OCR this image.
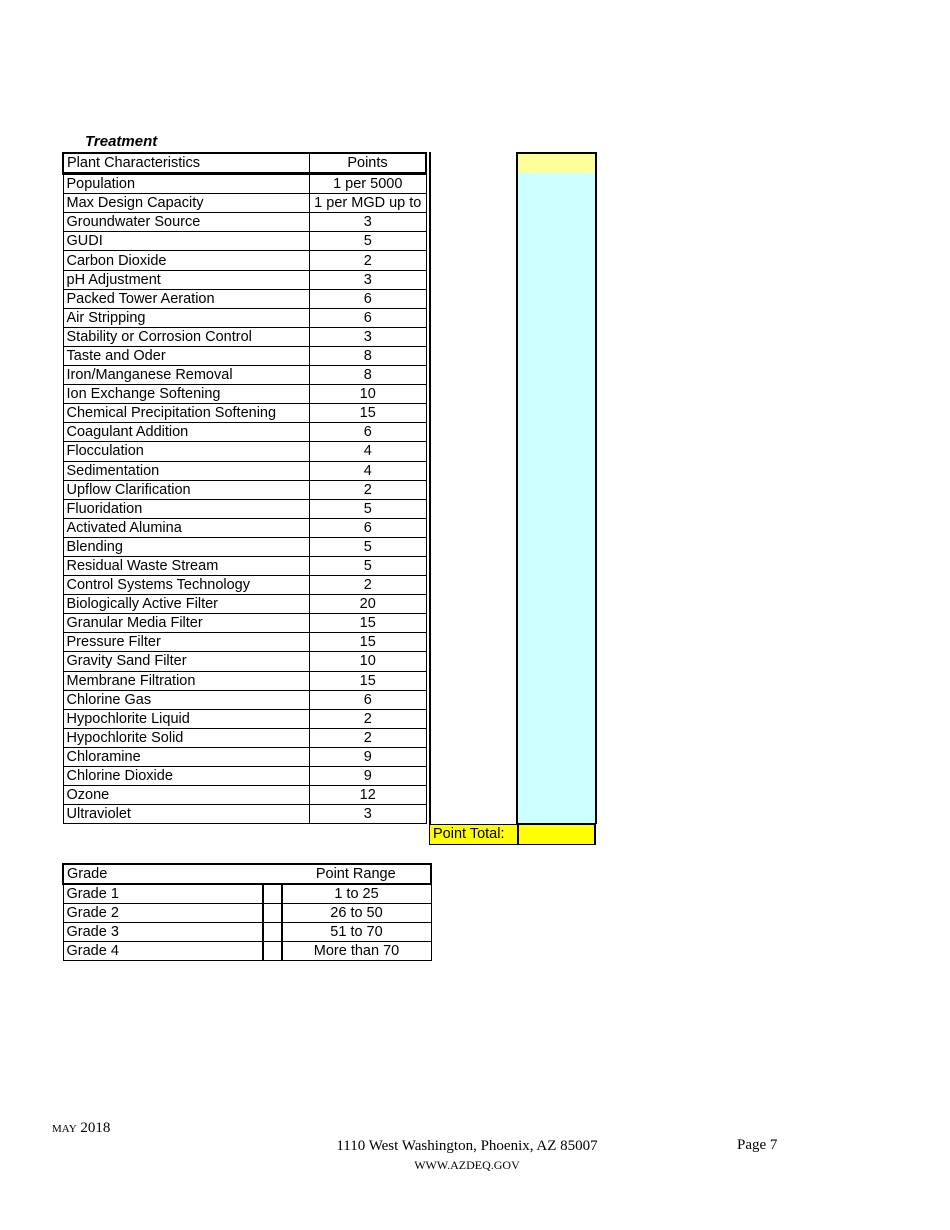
Treatment
Plant Characteristics	Points
Population	1 per 5000
Max Design Capacity	1 per MGD up to
Groundwater Source	3
GUDI	5
Carbon Dioxide	2
pH Adjustment	3
Packed Tower Aeration	6
Air Stripping	6
Stability or Corrosion Control	3
Taste and Oder	8
Iron/Manganese Removal	8
Ion Exchange Softening	10
Chemical Precipitation Softening	15
Coagulant Addition	6
Flocculation	4
Sedimentation	4
Upflow Clarification	2
Fluoridation	5
Activated Alumina	6
Blending	5
Residual Waste Stream	5
Control Systems Technology	2
Biologically Active Filter	20
Granular Media Filter	15
Pressure Filter	15
Gravity Sand Filter	10
Membrane Filtration	15
Chlorine Gas	6
Hypochlorite Liquid	2
Hypochlorite Solid	2
Chloramine	9
Chlorine Dioxide	9
Ozone	12
Ultraviolet	3
Point Total:
Grade		Point Range
Grade 1		1 to 25
Grade 2		26 to 50
Grade 3		51 to 70
Grade 4		More than 70
MAY 2018
1110 West Washington, Phoenix, AZ 85007
WWW.AZDEQ.GOV
Page 7
